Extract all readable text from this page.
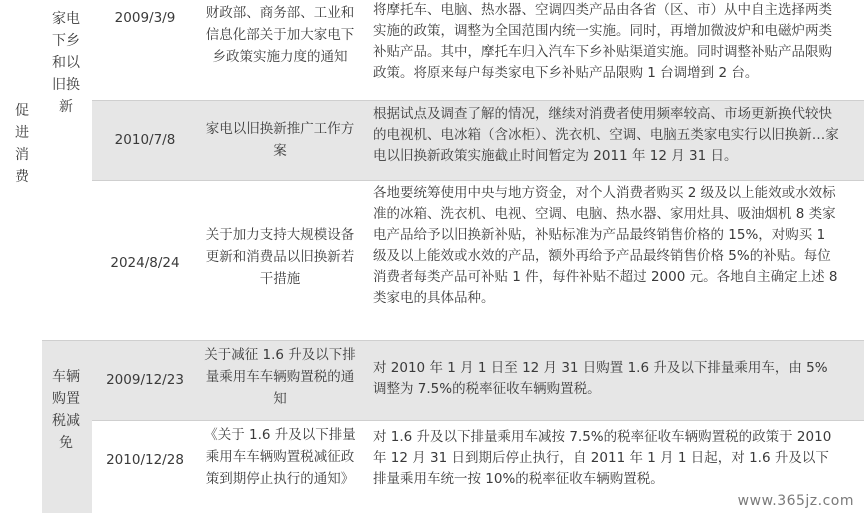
促进消费
家电下乡和以旧换新
车辆购置税减免
2009/3/9	财政部、商务部、工业和信息化部关于加大家电下乡政策实施力度的通知
将摩托车、电脑、热水器、空调四类产品由各省（区、市）从中自主选择两类实施的政策，调整为全国范围内统一实施。同时，再增加微波炉和电磁炉两类补贴产品。其中，摩托车归入汽车下乡补贴渠道实施。同时调整补贴产品限购政策。将原来每户每类家电下乡补贴产品限购 1 台调增到 2 台。
2010/7/8
家电以旧换新推广工作方案
根据试点及调查了解的情况，继续对消费者使用频率较高、市场更新换代较快的电视机、电冰箱（含冰柜）、洗衣机、空调、电脑五类家电实行以旧换新…家电以旧换新政策实施截止时间暂定为 2011 年 12 月 31 日。
2024/8/24
关于加力支持大规模设备更新和消费品以旧换新若干措施
各地要统筹使用中央与地方资金，对个人消费者购买 2 级及以上能效或水效标准的冰箱、洗衣机、电视、空调、电脑、热水器、家用灶具、吸油烟机 8 类家电产品给予以旧换新补贴，补贴标准为产品最终销售价格的 15%，对购买 1 级及以上能效或水效的产品，额外再给予产品最终销售价格 5%的补贴。每位消费者每类产品可补贴 1 件，每件补贴不超过 2000 元。各地自主确定上述 8 类家电的具体品种。
2009/12/23
关于减征 1.6 升及以下排量乘用车车辆购置税的通知
对 2010 年 1 月 1 日至 12 月 31 日购置 1.6 升及以下排量乘用车，由 5%调整为 7.5%的税率征收车辆购置税。
2010/12/28
《关于 1.6 升及以下排量乘用车车辆购置税减征政策到期停止执行的通知》
对 1.6 升及以下排量乘用车减按 7.5%的税率征收车辆购置税的政策于 2010 年 12 月 31 日到期后停止执行，自 2011 年 1 月 1 日起，对 1.6 升及以下排量乘用车统一按 10%的税率征收车辆购置税。
www.365jz.com
